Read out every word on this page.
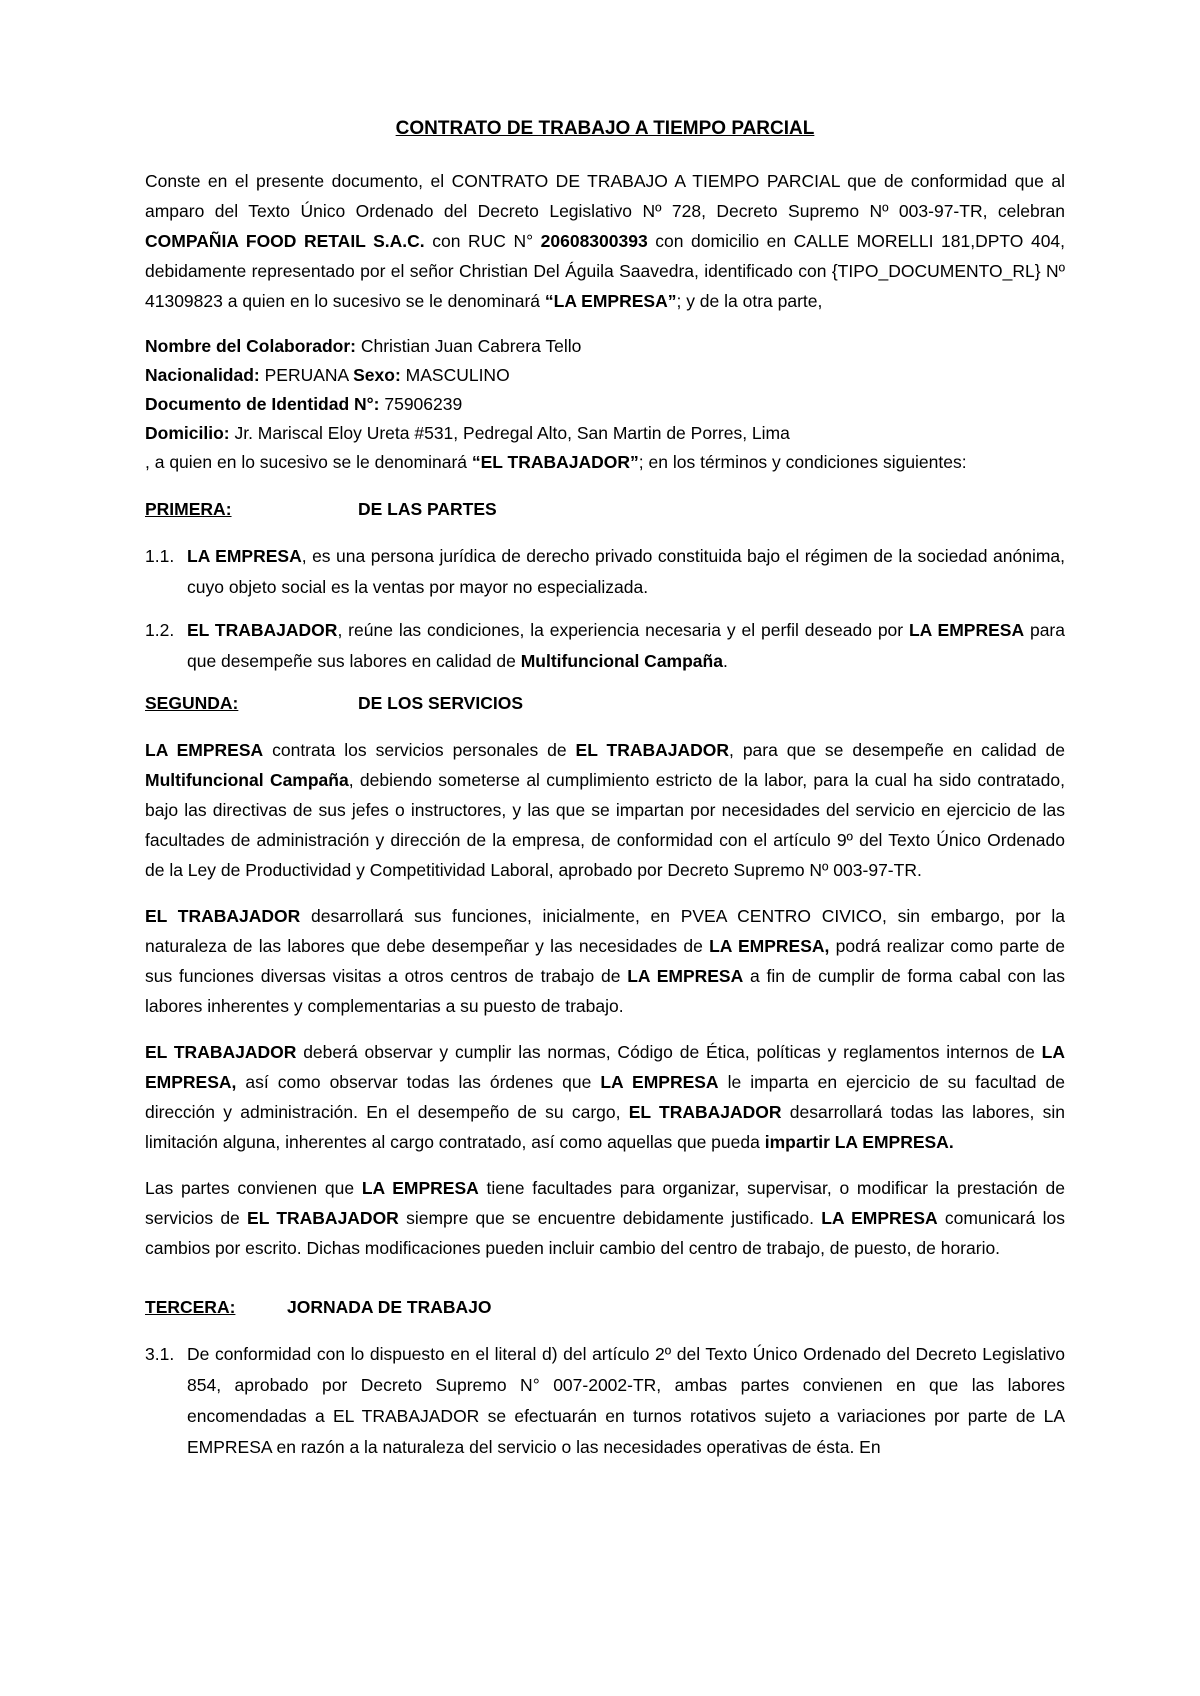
CONTRATO DE TRABAJO A TIEMPO PARCIAL

Conste en el presente documento, el CONTRATO DE TRABAJO A TIEMPO PARCIAL que de conformidad que al amparo del Texto Único Ordenado del Decreto Legislativo Nº 728, Decreto Supremo Nº 003-97-TR, celebran COMPAÑIA FOOD RETAIL S.A.C. con RUC N° 20608300393 con domicilio en CALLE MORELLI 181,DPTO 404, debidamente representado por el señor Christian Del Águila Saavedra, identificado con {TIPO_DOCUMENTO_RL} Nº 41309823 a quien en lo sucesivo se le denominará “LA EMPRESA”; y de la otra parte,

Nombre del Colaborador: Christian Juan Cabrera Tello
Nacionalidad: PERUANA Sexo: MASCULINO
Documento de Identidad N°: 75906239
Domicilio: Jr. Mariscal Eloy Ureta #531, Pedregal Alto, San Martin de Porres, Lima
, a quien en lo sucesivo se le denominará “EL TRABAJADOR”; en los términos y condiciones siguientes:
PRIMERA:	DE LAS PARTES
1.1. LA EMPRESA, es una persona jurídica de derecho privado constituida bajo el régimen de la sociedad anónima, cuyo objeto social es la ventas por mayor no especializada.
1.2. EL TRABAJADOR, reúne las condiciones, la experiencia necesaria y el perfil deseado por LA EMPRESA para que desempeñe sus labores en calidad de Multifuncional Campaña.
SEGUNDA:	DE LOS SERVICIOS

LA EMPRESA contrata los servicios personales de EL TRABAJADOR, para que se desempeñe en calidad de Multifuncional Campaña, debiendo someterse al cumplimiento estricto de la labor, para la cual ha sido contratado, bajo las directivas de sus jefes o instructores, y las que se impartan por necesidades del servicio en ejercicio de las facultades de administración y dirección de la empresa, de conformidad con el artículo 9º del Texto Único Ordenado de la Ley de Productividad y Competitividad Laboral, aprobado por Decreto Supremo Nº 003-97-TR.

EL TRABAJADOR desarrollará sus funciones, inicialmente, en PVEA CENTRO CIVICO, sin embargo, por la naturaleza de las labores que debe desempeñar y las necesidades de LA EMPRESA, podrá realizar como parte de sus funciones diversas visitas a otros centros de trabajo de LA EMPRESA a fin de cumplir de forma cabal con las labores inherentes y complementarias a su puesto de trabajo.

EL TRABAJADOR deberá observar y cumplir las normas, Código de Ética, políticas y reglamentos internos de LA EMPRESA, así como observar todas las órdenes que LA EMPRESA le imparta en ejercicio de su facultad de dirección y administración. En el desempeño de su cargo, EL TRABAJADOR desarrollará todas las labores, sin limitación alguna, inherentes al cargo contratado, así como aquellas que pueda impartir LA EMPRESA.

Las partes convienen que LA EMPRESA tiene facultades para organizar, supervisar, o modificar la prestación de servicios de EL TRABAJADOR siempre que se encuentre debidamente justificado. LA EMPRESA comunicará los cambios por escrito. Dichas modificaciones pueden incluir cambio del centro de trabajo, de puesto, de horario.

TERCERA:	JORNADA DE TRABAJO
3.1. De conformidad con lo dispuesto en el literal d) del artículo 2º del Texto Único Ordenado del Decreto Legislativo 854, aprobado por Decreto Supremo N° 007-2002-TR, ambas partes convienen en que las labores encomendadas a EL TRABAJADOR se efectuarán en turnos rotativos sujeto a variaciones por parte de LA EMPRESA en razón a la naturaleza del servicio o las necesidades operativas de ésta. En
